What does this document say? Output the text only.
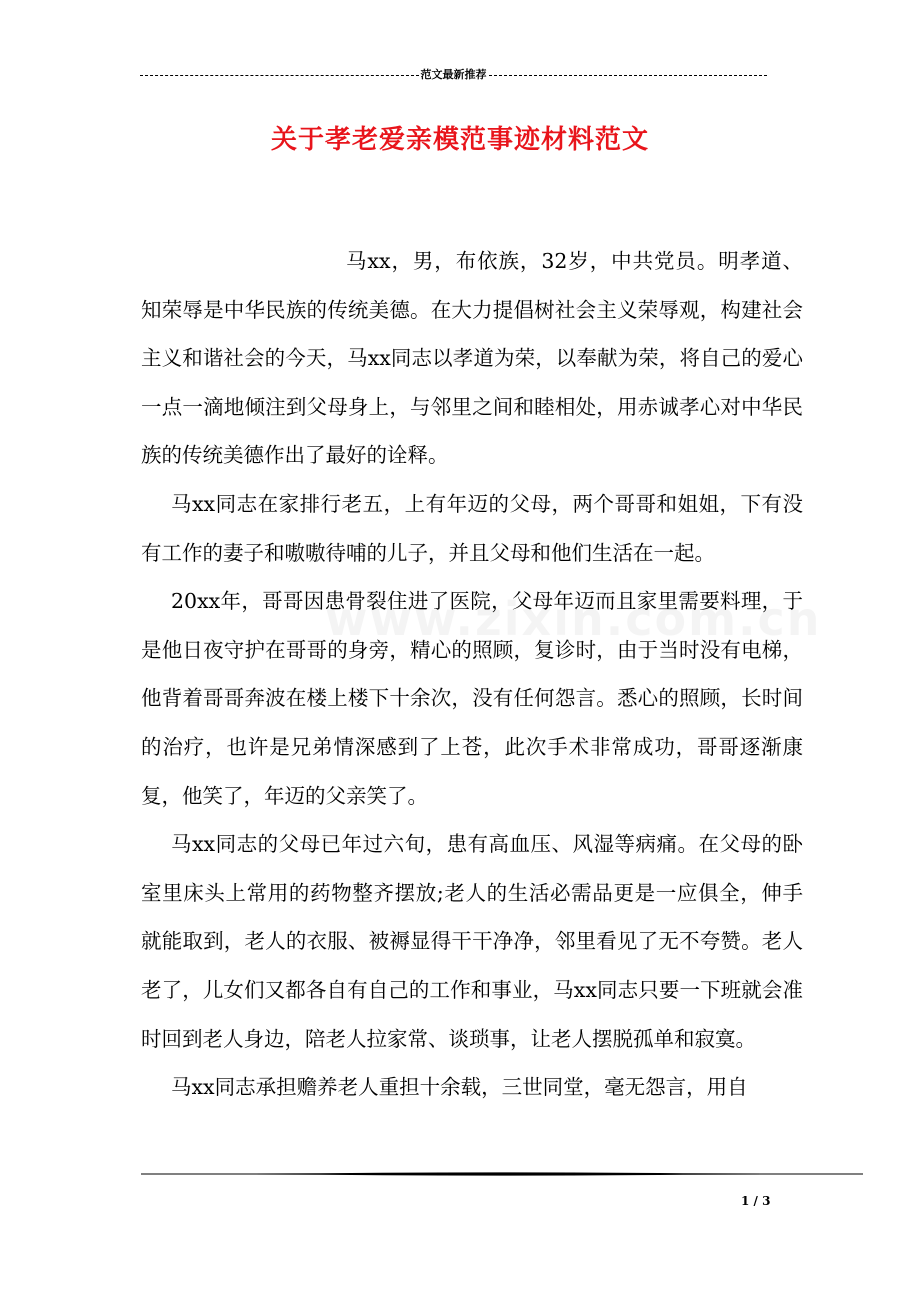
范文最新推荐
关于孝老爱亲模范事迹材料范文

马xx，男，布依族，32岁，中共党员。明孝道、知荣辱是中华民族的传统美德。在大力提倡树社会主义荣辱观，构建社会主义和谐社会的今天，马xx同志以孝道为荣，以奉献为荣，将自己的爱心一点一滴地倾注到父母身上，与邻里之间和睦相处，用赤诚孝心对中华民族的传统美德作出了最好的诠释。

马xx同志在家排行老五，上有年迈的父母，两个哥哥和姐姐，下有没有工作的妻子和嗷嗷待哺的儿子，并且父母和他们生活在一起。

20xx年，哥哥因患骨裂住进了医院，父母年迈而且家里需要料理，于是他日夜守护在哥哥的身旁，精心的照顾，复诊时，由于当时没有电梯，他背着哥哥奔波在楼上楼下十余次，没有任何怨言。悉心的照顾，长时间的治疗，也许是兄弟情深感到了上苍，此次手术非常成功，哥哥逐渐康复，他笑了，年迈的父亲笑了。

马xx同志的父母已年过六旬，患有高血压、风湿等病痛。在父母的卧室里床头上常用的药物整齐摆放;老人的生活必需品更是一应俱全，伸手就能取到，老人的衣服、被褥显得干干净净，邻里看见了无不夸赞。老人老了，儿女们又都各自有自己的工作和事业，马xx同志只要一下班就会准时回到老人身边，陪老人拉家常、谈琐事，让老人摆脱孤单和寂寞。

马xx同志承担赡养老人重担十余载，三世同堂，毫无怨言，用自

1 / 3
